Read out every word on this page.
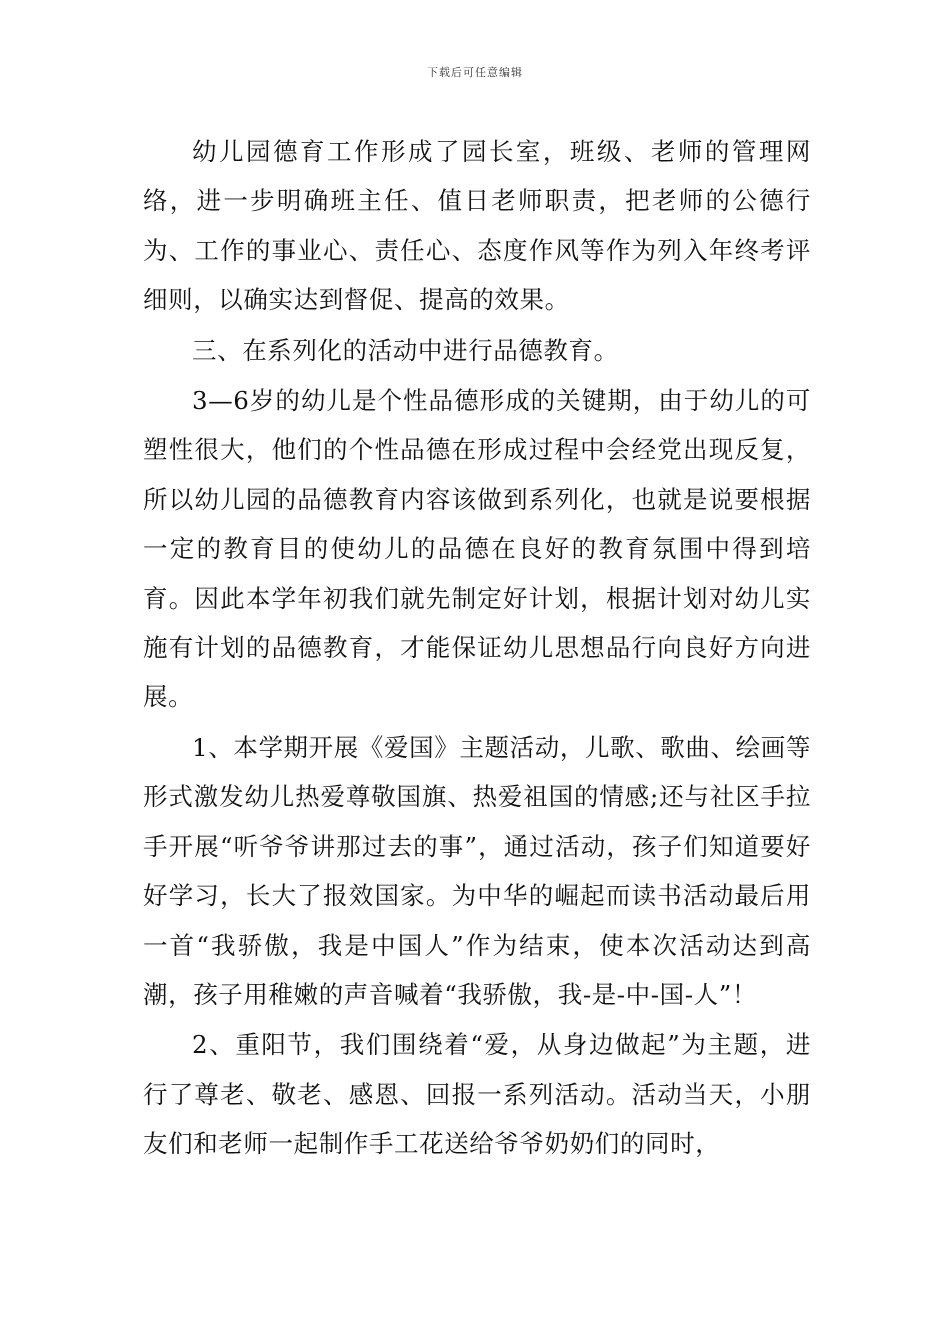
下载后可任意编辑

幼儿园德育工作形成了园长室，班级、老师的管理网络，进一步明确班主任、值日老师职责，把老师的公德行为、工作的事业心、责任心、态度作风等作为列入年终考评细则，以确实达到督促、提高的效果。

三、在系列化的活动中进行品德教育。

3—6岁的幼儿是个性品德形成的关键期，由于幼儿的可塑性很大，他们的个性品德在形成过程中会经党出现反复，所以幼儿园的品德教育内容该做到系列化，也就是说要根据一定的教育目的使幼儿的品德在良好的教育氛围中得到培育。因此本学年初我们就先制定好计划，根据计划对幼儿实施有计划的品德教育，才能保证幼儿思想品行向良好方向进展。

1、本学期开展《爱国》主题活动，儿歌、歌曲、绘画等形式激发幼儿热爱尊敬国旗、热爱祖国的情感;还与社区手拉手开展“听爷爷讲那过去的事”，通过活动，孩子们知道要好好学习，长大了报效国家。为中华的崛起而读书活动最后用一首“我骄傲，我是中国人”作为结束，使本次活动达到高潮，孩子用稚嫩的声音喊着“我骄傲，我-是-中-国-人”！

2、重阳节，我们围绕着“爱，从身边做起”为主题，进行了尊老、敬老、感恩、回报一系列活动。活动当天，小朋友们和老师一起制作手工花送给爷爷奶奶们的同时，
